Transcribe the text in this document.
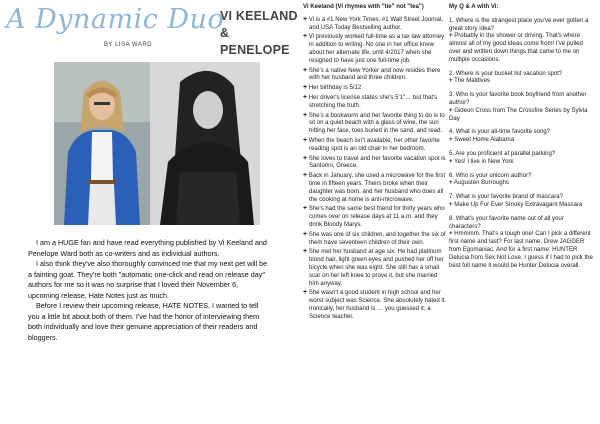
A Dynamic Duo
VI KEELAND & PENELOPE
BY LISA WARD

I am a HUGE fan and have read everything published by Vi Keeland and Penelope Ward both as co-writers and as individual authors.

I also think they've also thoroughly convinced me that my next pet will be a fainting goat. They're both "automatic one-click and read on release day" authors for me so it was no surprise that I loved their November 6, upcoming release, Hate Notes just as much.

Before I review their upcoming release, HATE NOTES, I wanted to tell you a little bit about both of them. I've had the honor of interviewing them both individually and love their genuine appreciation of their readers and bloggers.

Vi Keeland (Vi rhymes with "tie" not "tea")
+ Vi is a #1 New York Times, #1 Wall Street Journal, and USA Today Bestselling author.
+ Vi previously worked full-time as a tax law attorney in addition to writing. No one in her office knew about her alternate life, until 4/2017 when she resigned to have just one full-time job.
+ She's a native New Yorker and now resides there with her husband and three children.
+ Her birthday is 5/12
+ Her driver's license states she's 5'1"… but that's stretching the truth.
+ She's a bookworm and her favorite thing to do is to sit on a quiet beach with a glass of wine, the sun hitting her face, toes buried in the sand, and read.
+ When the beach isn't available, her other favorite reading spot is an old chair in her bedroom.
+ She loves to travel and her favorite vacation spot is Santorini, Greece.
+ Back in January, she used a microwave for the first time in fifteen years. Theirs broke when their daughter was born, and her husband who does all the cooking at home is anti-microwave.
+ She's had the same best friend for thirty years who comes over on release days at 11 a.m. and they drink Bloody Marys.
+ She was one of six children, and together the six of them have seventeen children of their own.
+ She met her husband at age six. He had platinum blond hair, light green eyes and pushed her off her bicycle when she was eight. She still has a small scar on her left knee to prove it, but she married him anyway.
+ She wasn't a good student in high school and her worst subject was Science. She absolutely hated it. Ironically, her husband is … you guessed it, a Science teacher.
My Q & A with Vi:
1. Where is the strangest place you've ever gotten a great story idea?
+ Probably in the shower or driving. That's where almost all of my good ideas come from! I've pulled over and written down things that came to me on multiple occasions.
2. Where is your bucket list vacation spot?
+ The Maldives
3. Who is your favorite book boyfriend from another author?
+ Gideon Cross from The Crossfire Series by Sylvia Day
4. What is your all-time favorite song?
+ Sweet Home Alabama
5. Are you proficient at parallel parking?
+ Yes! I live in New York
6. Who is your unicorn author?
+ Augusten Burroughs
7. What is your favorite brand of mascara?
+ Make Up For Ever Smoky Extravagant Mascara
8. What's your favorite name out of all your characters?
+ Hmmmm. That's a tough one! Can I pick a different first name and last? For last name: Drew JAGGER from Egomaniac. And for a first name: HUNTER Delucia from Sex Not Love. I guess if I had to pick the best full name it would be Hunter Delucia overall.
